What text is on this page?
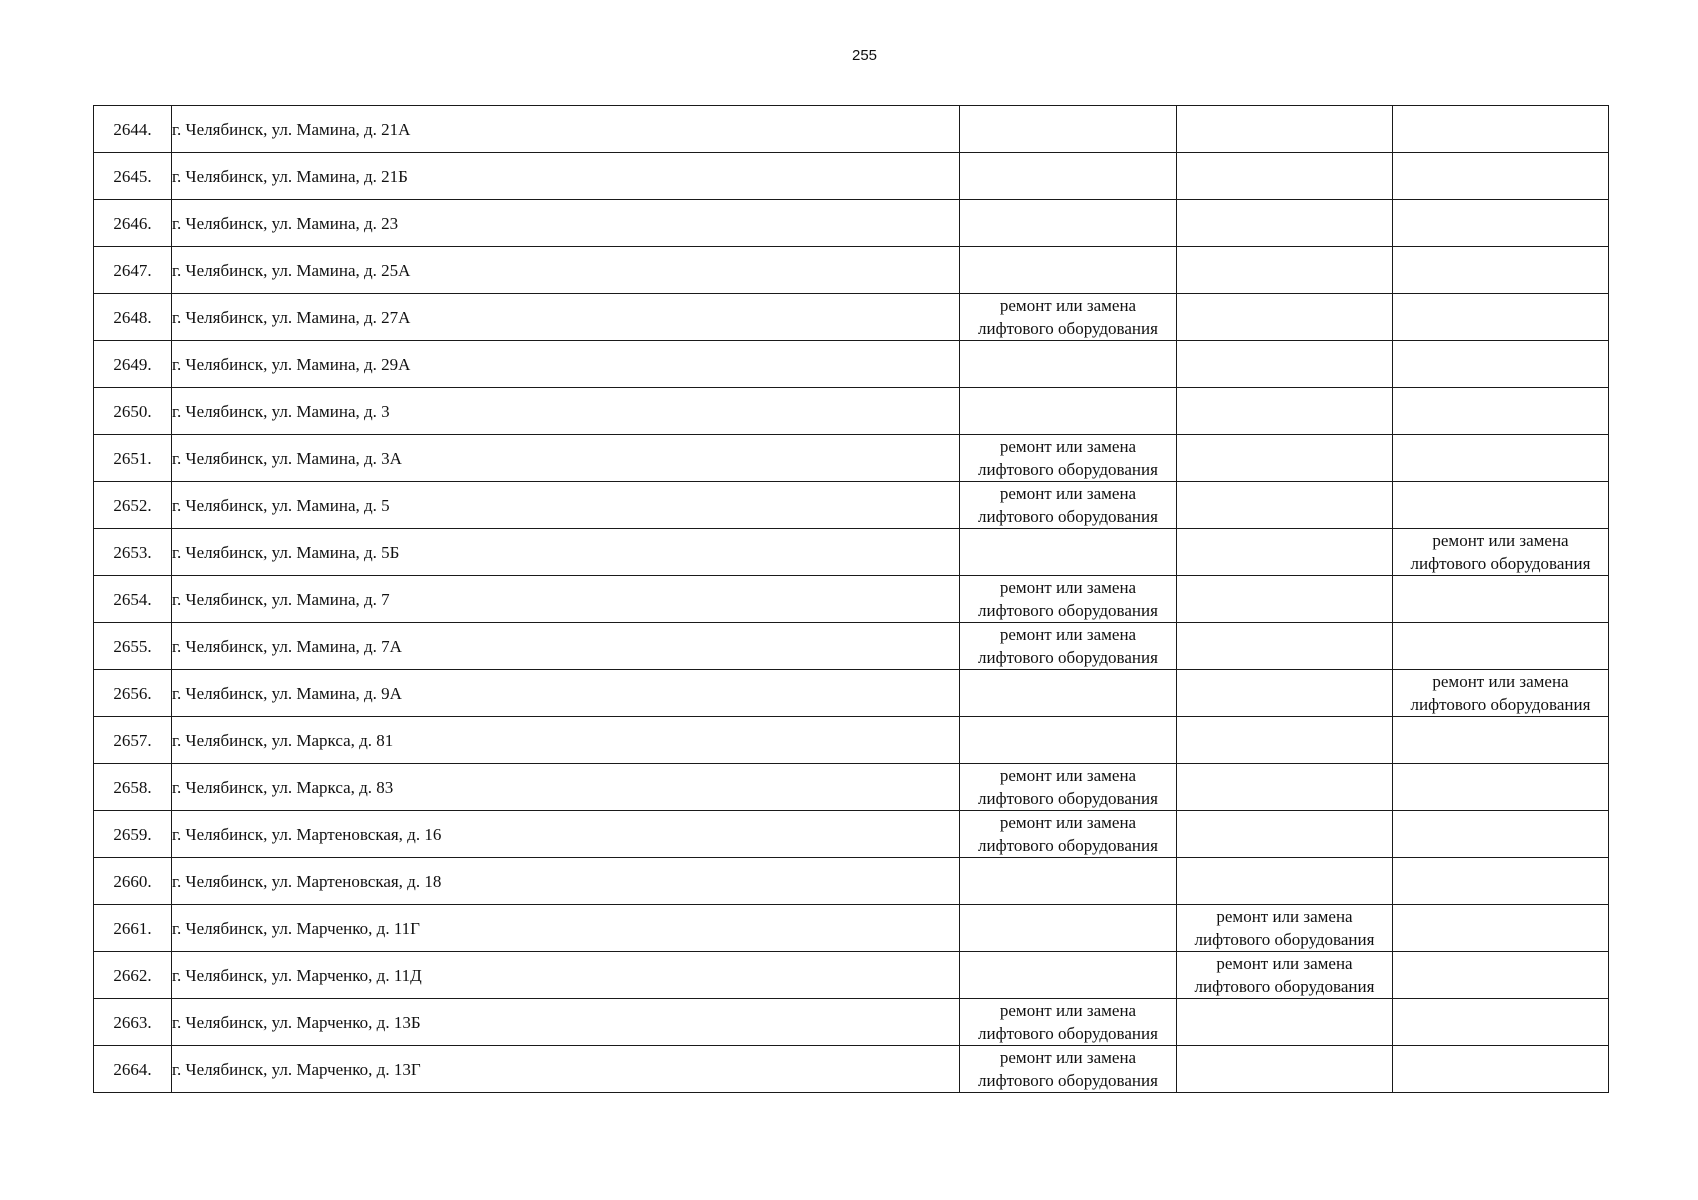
255
2644.	г. Челябинск, ул. Мамина, д. 21А			
2645.	г. Челябинск, ул. Мамина, д. 21Б			
2646.	г. Челябинск, ул. Мамина, д. 23			
2647.	г. Челябинск, ул. Мамина, д. 25А			
2648.	г. Челябинск, ул. Мамина, д. 27А	ремонт или замена лифтового оборудования		

2649.	г. Челябинск, ул. Мамина, д. 29А			
2650.	г. Челябинск, ул. Мамина, д. 3			
2651.	г. Челябинск, ул. Мамина, д. 3А	ремонт или замена лифтового оборудования		

2652.	г. Челябинск, ул. Мамина, д. 5	ремонт или замена лифтового оборудования		

2653.	г. Челябинск, ул. Мамина, д. 5Б			ремонт или замена лифтового оборудования

2654.	г. Челябинск, ул. Мамина, д. 7	ремонт или замена лифтового оборудования		

2655.	г. Челябинск, ул. Мамина, д. 7А	ремонт или замена лифтового оборудования		

2656.	г. Челябинск, ул. Мамина, д. 9А			ремонт или замена лифтового оборудования

2657.	г. Челябинск, ул. Маркса, д. 81			
2658.	г. Челябинск, ул. Маркса, д. 83	ремонт или замена лифтового оборудования		

2659.	г. Челябинск, ул. Мартеновская, д. 16	ремонт или замена лифтового оборудования		

2660.	г. Челябинск, ул. Мартеновская, д. 18			
2661.	г. Челябинск, ул. Марченко, д. 11Г		ремонт или замена лифтового оборудования	

2662.	г. Челябинск, ул. Марченко, д. 11Д		ремонт или замена лифтового оборудования	

2663.	г. Челябинск, ул. Марченко, д. 13Б	ремонт или замена лифтового оборудования		

2664.	г. Челябинск, ул. Марченко, д. 13Г	ремонт или замена лифтового оборудования		
